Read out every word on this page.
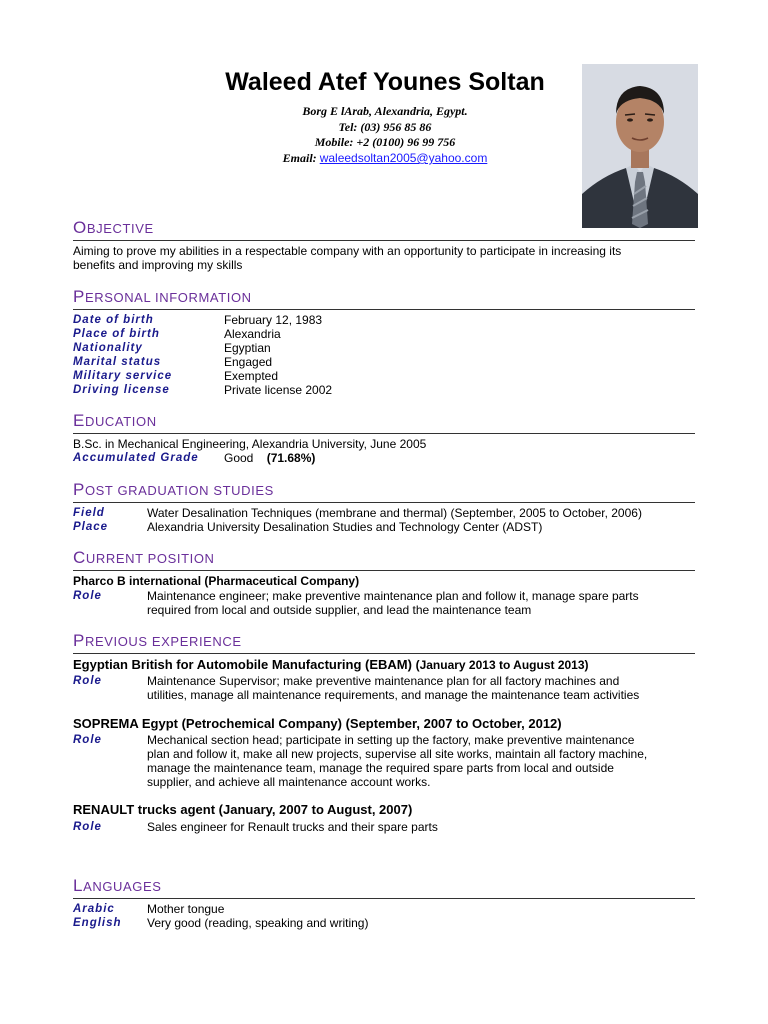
Waleed Atef Younes Soltan
Borg E lArab, Alexandria, Egypt.
Tel: (03) 956 85 86
Mobile: +2 (0100) 96 99 756
Email: waleedsoltan2005@yahoo.com
OBJECTIVE
Aiming to prove my abilities in a respectable company with an opportunity to participate in increasing its
benefits and improving my skills
PERSONAL INFORMATION
Date of birth	February 12, 1983
Place of birth	Alexandria
Nationality	Egyptian
Marital status	Engaged
Military service	Exempted
Driving license	Private license 2002
EDUCATION
B.Sc. in Mechanical Engineering, Alexandria University, June 2005
Accumulated Grade Good (71.68%)
POST GRADUATION STUDIES
Field	Water Desalination Techniques (membrane and thermal) (September, 2005 to October, 2006)
Place	Alexandria University Desalination Studies and Technology Center (ADST)
CURRENT POSITION
Pharco B international (Pharmaceutical Company)
Role	Maintenance engineer; make preventive maintenance plan and follow it, manage spare parts
required from local and outside supplier, and lead the maintenance team
PREVIOUS EXPERIENCE
Egyptian British for Automobile Manufacturing (EBAM) (January 2013 to August 2013)
Role	Maintenance Supervisor; make preventive maintenance plan for all factory machines and
utilities, manage all maintenance requirements, and manage the maintenance team activities
SOPREMA Egypt (Petrochemical Company) (September, 2007 to October, 2012)
Role	Mechanical section head; participate in setting up the factory, make preventive maintenance
plan and follow it, make all new projects, supervise all site works, maintain all factory machine,
manage the maintenance team, manage the required spare parts from local and outside
supplier, and achieve all maintenance account works.
RENAULT trucks agent (January, 2007 to August, 2007)
Role	Sales engineer for Renault trucks and their spare parts
LANGUAGES
Arabic	Mother tongue
English Very good (reading, speaking and writing)
